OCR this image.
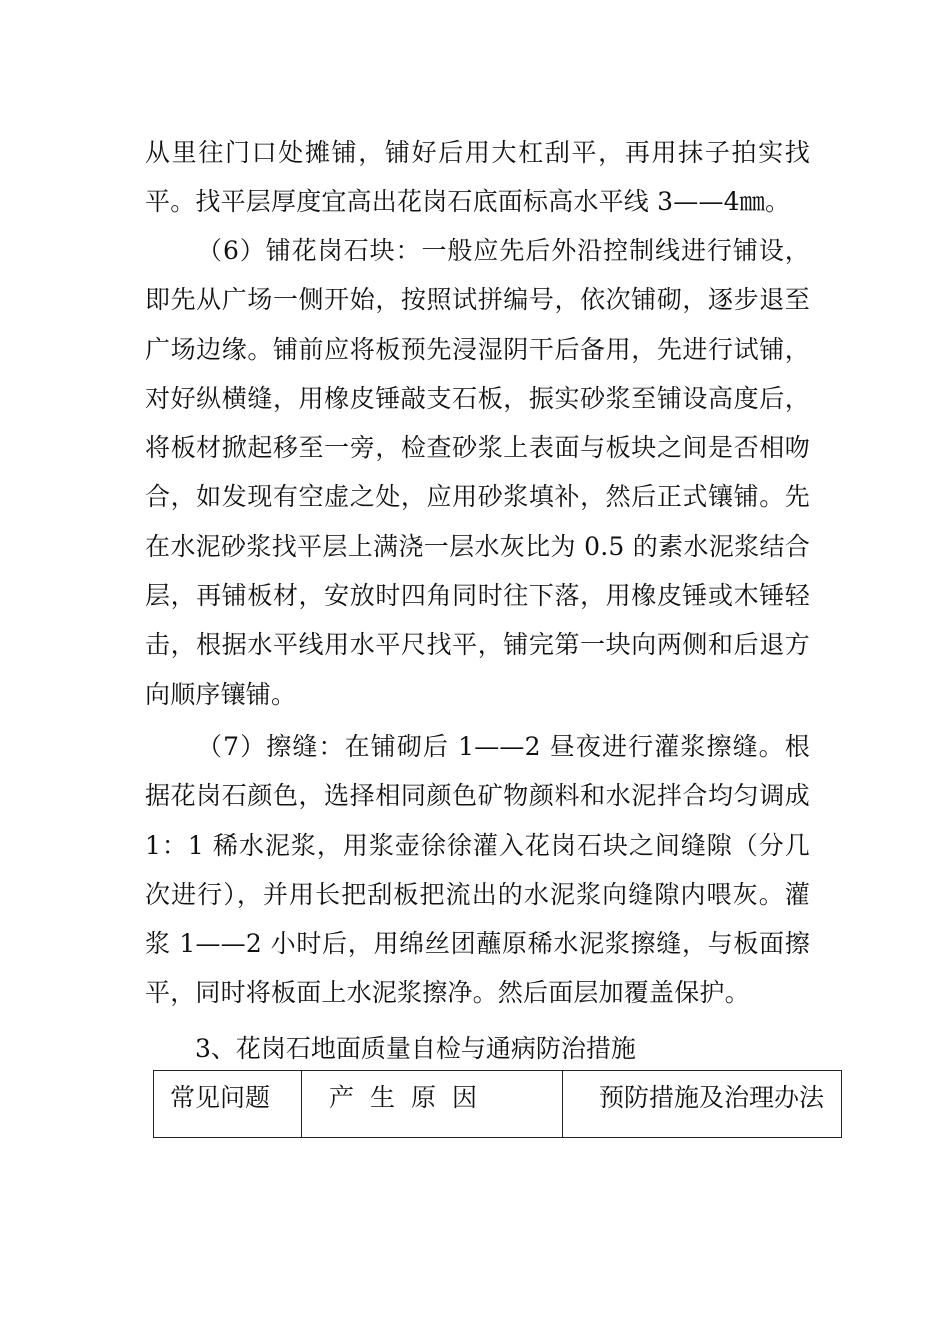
从里往门口处摊铺，铺好后用大杠刮平，再用抹子拍实找平。找平层厚度宜高出花岗石底面标高水平线 3——4㎜。

（6）铺花岗石块：一般应先后外沿控制线进行铺设，即先从广场一侧开始，按照试拼编号，依次铺砌，逐步退至广场边缘。铺前应将板预先浸湿阴干后备用，先进行试铺，对好纵横缝，用橡皮锤敲支石板，振实砂浆至铺设高度后，将板材掀起移至一旁，检查砂浆上表面与板块之间是否相吻合，如发现有空虚之处，应用砂浆填补，然后正式镶铺。先在水泥砂浆找平层上满浇一层水灰比为 0.5 的素水泥浆结合层，再铺板材，安放时四角同时往下落，用橡皮锤或木锤轻击，根据水平线用水平尺找平，铺完第一块向两侧和后退方向顺序镶铺。

（7）擦缝：在铺砌后 1——2 昼夜进行灌浆擦缝。根据花岗石颜色，选择相同颜色矿物颜料和水泥拌合均匀调成 1：1 稀水泥浆，用浆壶徐徐灌入花岗石块之间缝隙（分几次进行），并用长把刮板把流出的水泥浆向缝隙内喂灰。灌浆 1——2 小时后，用绵丝团蘸原稀水泥浆擦缝，与板面擦平，同时将板面上水泥浆擦净。然后面层加覆盖保护。

3、花岗石地面质量自检与通病防治措施

常见问题	产生原因	预防措施及治理办法
